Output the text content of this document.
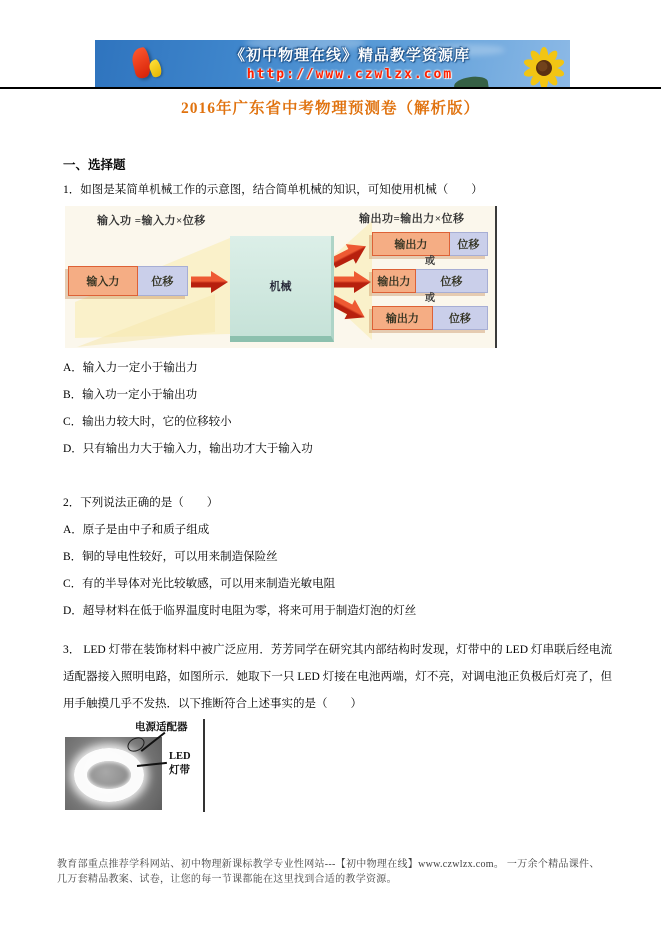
《初中物理在线》精品教学资源库
http://www.czwlzx.com
2016年广东省中考物理预测卷（解析版）
一、选择题
1．如图是某简单机械工作的示意图，结合简单机械的知识，可知使用机械（　　）
输入功 =输入力×位移	输出功=输出力×位移
输入力	位移	机械
输出力	位移
或
输出力	位移
或
输出力	位移

A．输入力一定小于输出力

B．输入功一定小于输出功

C．输出力较大时，它的位移较小

D．只有输出力大于输入力，输出功才大于输入功

2．下列说法正确的是（　　）

A．原子是由中子和质子组成

B．铜的导电性较好，可以用来制造保险丝

C．有的半导体对光比较敏感，可以用来制造光敏电阻

D．超导材料在低于临界温度时电阻为零，将来可用于制造灯泡的灯丝

3． LED 灯带在装饰材料中被广泛应用．芳芳同学在研究其内部结构时发现，灯带中的 LED 灯串联后经电流适配器接入照明电路，如图所示．她取下一只 LED 灯接在电池两端，灯不亮，对调电池正负极后灯亮了，但用手触摸几乎不发热．以下推断符合上述事实的是（　　）
电源适配器
LED
灯带

教育部重点推荐学科网站、初中物理新课标教学专业性网站---【初中物理在线】www.czwlzx.com。 一万余个精品课件、

几万套精品教案、试卷，让您的每一节课都能在这里找到合适的教学资源。
